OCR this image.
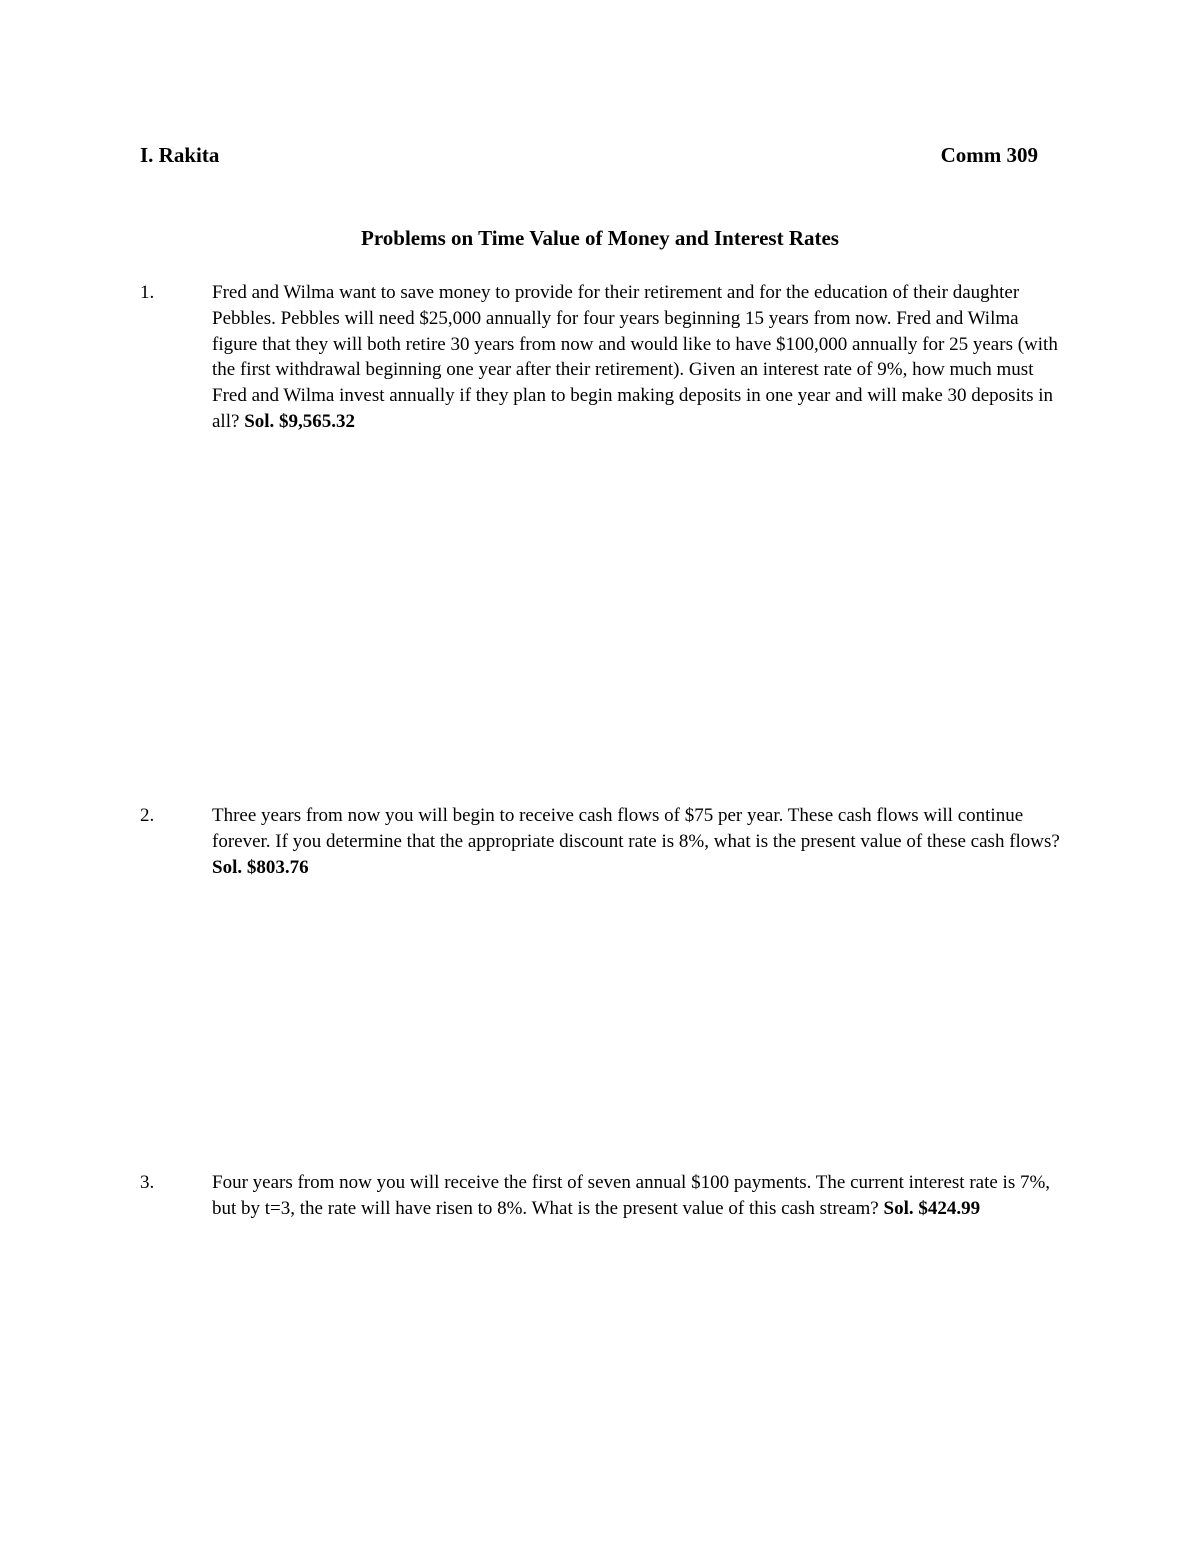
I. Rakita	Comm 309
Problems on Time Value of Money and Interest Rates
1.	Fred and Wilma want to save money to provide for their retirement and for the education of their daughter Pebbles. Pebbles will need $25,000 annually for four years beginning 15 years from now. Fred and Wilma figure that they will both retire 30 years from now and would like to have $100,000 annually for 25 years (with the first withdrawal beginning one year after their retirement). Given an interest rate of 9%, how much must Fred and Wilma invest annually if they plan to begin making deposits in one year and will make 30 deposits in all? Sol. $9,565.32
2.	Three years from now you will begin to receive cash flows of $75 per year. These cash flows will continue forever. If you determine that the appropriate discount rate is 8%, what is the present value of these cash flows? Sol. $803.76
3.	Four years from now you will receive the first of seven annual $100 payments. The current interest rate is 7%, but by t=3, the rate will have risen to 8%. What is the present value of this cash stream? Sol. $424.99
